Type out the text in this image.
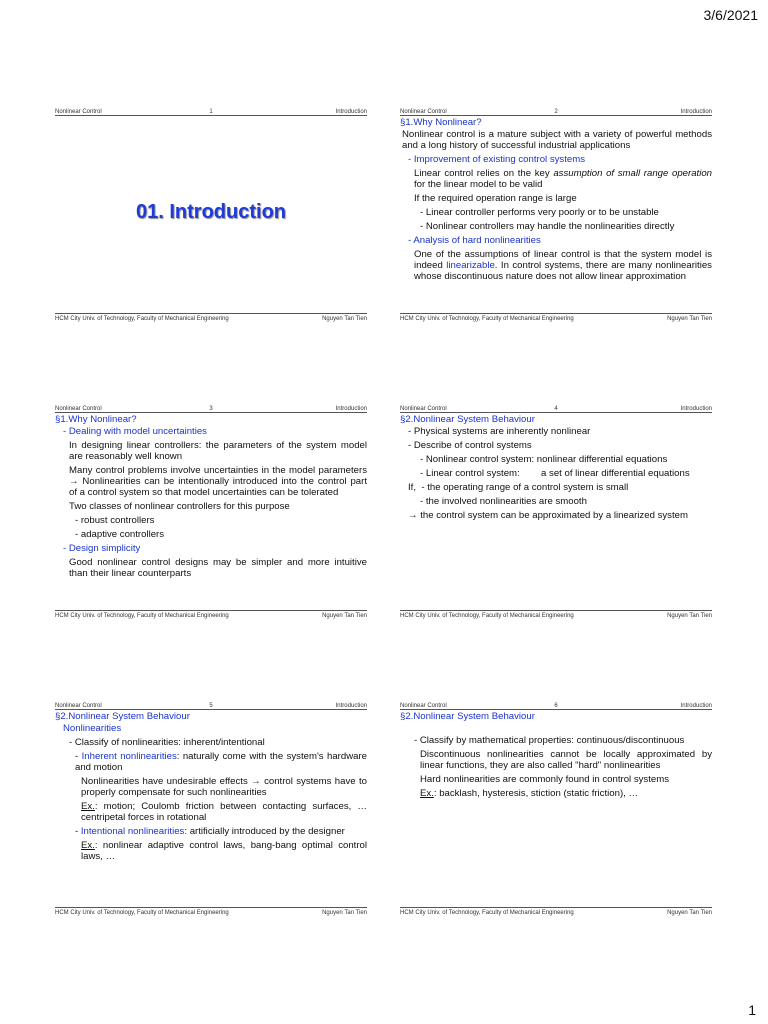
3/6/2021
Nonlinear Control	1	Introduction
01. Introduction
HCM City Univ. of Technology, Faculty of Mechanical Engineering	Nguyen Tan Tien
Nonlinear Control	2	Introduction
§1.Why Nonlinear?

Nonlinear control is a mature subject with a variety of powerful methods and a long history of successful industrial applications

- Improvement of existing control systems

Linear control relies on the key assumption of small range operation for the linear model to be valid

If the required operation range is large

- Linear controller performs very poorly or to be unstable

- Nonlinear controllers may handle the nonlinearities directly

- Analysis of hard nonlinearities

One of the assumptions of linear control is that the system model is indeed linearizable. In control systems, there are many nonlinearities whose discontinuous nature does not allow linear approximation

HCM City Univ. of Technology, Faculty of Mechanical Engineering	Nguyen Tan Tien
Nonlinear Control	3	Introduction
§1.Why Nonlinear?

- Dealing with model uncertainties

In designing linear controllers: the parameters of the system model are reasonably well known

Many control problems involve uncertainties in the model parameters → Nonlinearities can be intentionally introduced into the control part of a control system so that model uncertainties can be tolerated

Two classes of nonlinear controllers for this purpose

- robust controllers

- adaptive controllers

- Design simplicity

Good nonlinear control designs may be simpler and more intuitive than their linear counterparts

HCM City Univ. of Technology, Faculty of Mechanical Engineering	Nguyen Tan Tien
Nonlinear Control	4	Introduction
§2.Nonlinear System Behaviour

- Physical systems are inherently nonlinear

- Describe of control systems

- Nonlinear control system: nonlinear differential equations

- Linear control system:        a set of linear differential equations

If,  - the operating range of a control system is small

- the involved nonlinearities are smooth

→ the control system can be approximated by a linearized system

HCM City Univ. of Technology, Faculty of Mechanical Engineering	Nguyen Tan Tien
Nonlinear Control	5	Introduction
§2.Nonlinear System Behaviour

Nonlinearities

- Classify of nonlinearities: inherent/intentional

- Inherent nonlinearities: naturally come with the system's hardware and motion

Nonlinearities have undesirable effects → control systems have to properly compensate for such nonlinearities

Ex.: motion; Coulomb friction between contacting surfaces, …centripetal forces in rotational

- Intentional nonlinearities: artificially introduced by the designer

Ex.: nonlinear adaptive control laws, bang-bang optimal control laws, …

HCM City Univ. of Technology, Faculty of Mechanical Engineering	Nguyen Tan Tien
Nonlinear Control	6	Introduction
§2.Nonlinear System Behaviour

- Classify by mathematical properties: continuous/discontinuous

Discontinuous nonlinearities cannot be locally approximated by linear functions, they are also called "hard" nonlinearities

Hard nonlinearities are commonly found in control systems

Ex.: backlash, hysteresis, stiction (static friction), …

HCM City Univ. of Technology, Faculty of Mechanical Engineering	Nguyen Tan Tien
1
